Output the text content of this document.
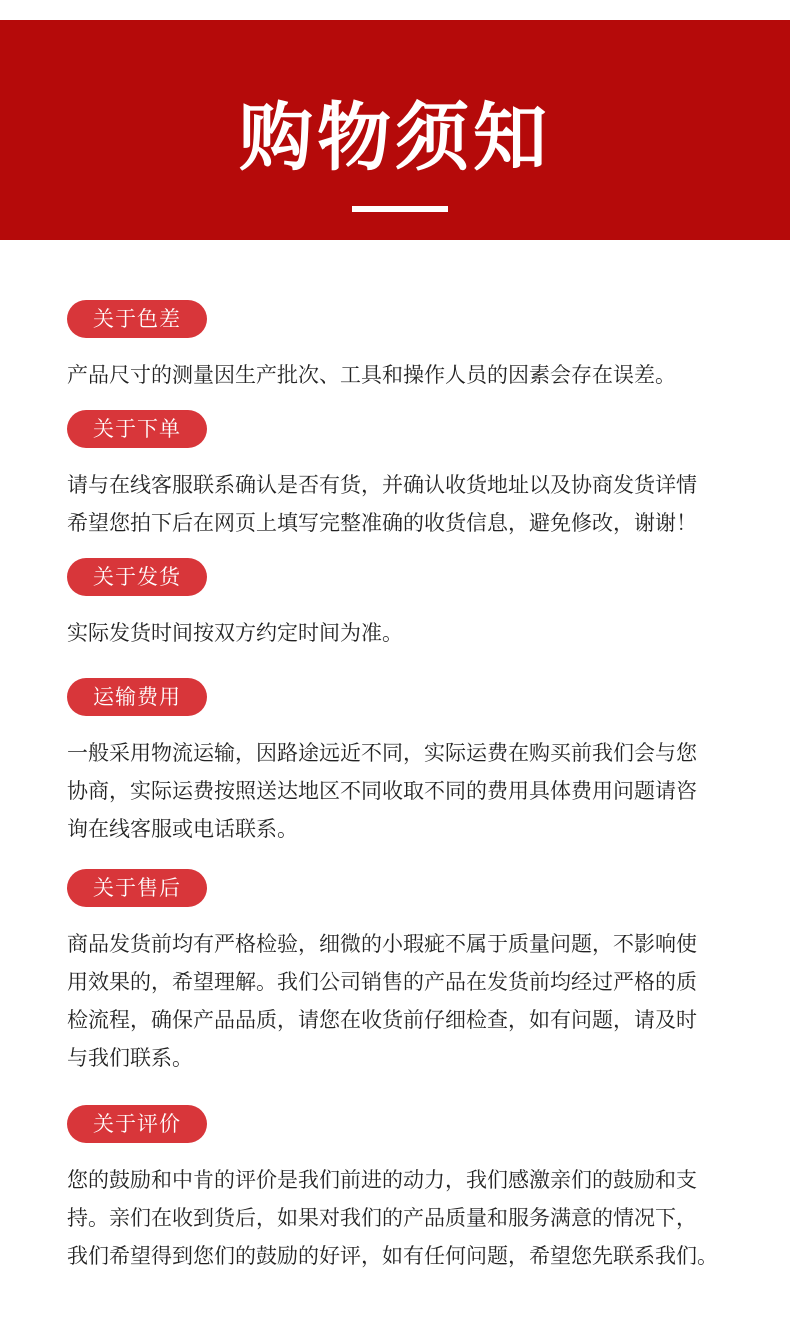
购物须知
关于色差
产品尺寸的测量因生产批次、工具和操作人员的因素会存在误差。
关于下单
请与在线客服联系确认是否有货，并确认收货地址以及协商发货详情
希望您拍下后在网页上填写完整准确的收货信息，避免修改，谢谢！
关于发货
实际发货时间按双方约定时间为准。
运输费用
一般采用物流运输，因路途远近不同，实际运费在购买前我们会与您
协商，实际运费按照送达地区不同收取不同的费用具体费用问题请咨
询在线客服或电话联系。
关于售后
商品发货前均有严格检验，细微的小瑕疵不属于质量问题，不影响使
用效果的，希望理解。我们公司销售的产品在发货前均经过严格的质
检流程，确保产品品质，请您在收货前仔细检查，如有问题，请及时
与我们联系。
关于评价
您的鼓励和中肯的评价是我们前进的动力，我们感激亲们的鼓励和支
持。亲们在收到货后，如果对我们的产品质量和服务满意的情况下，
我们希望得到您们的鼓励的好评，如有任何问题，希望您先联系我们。
